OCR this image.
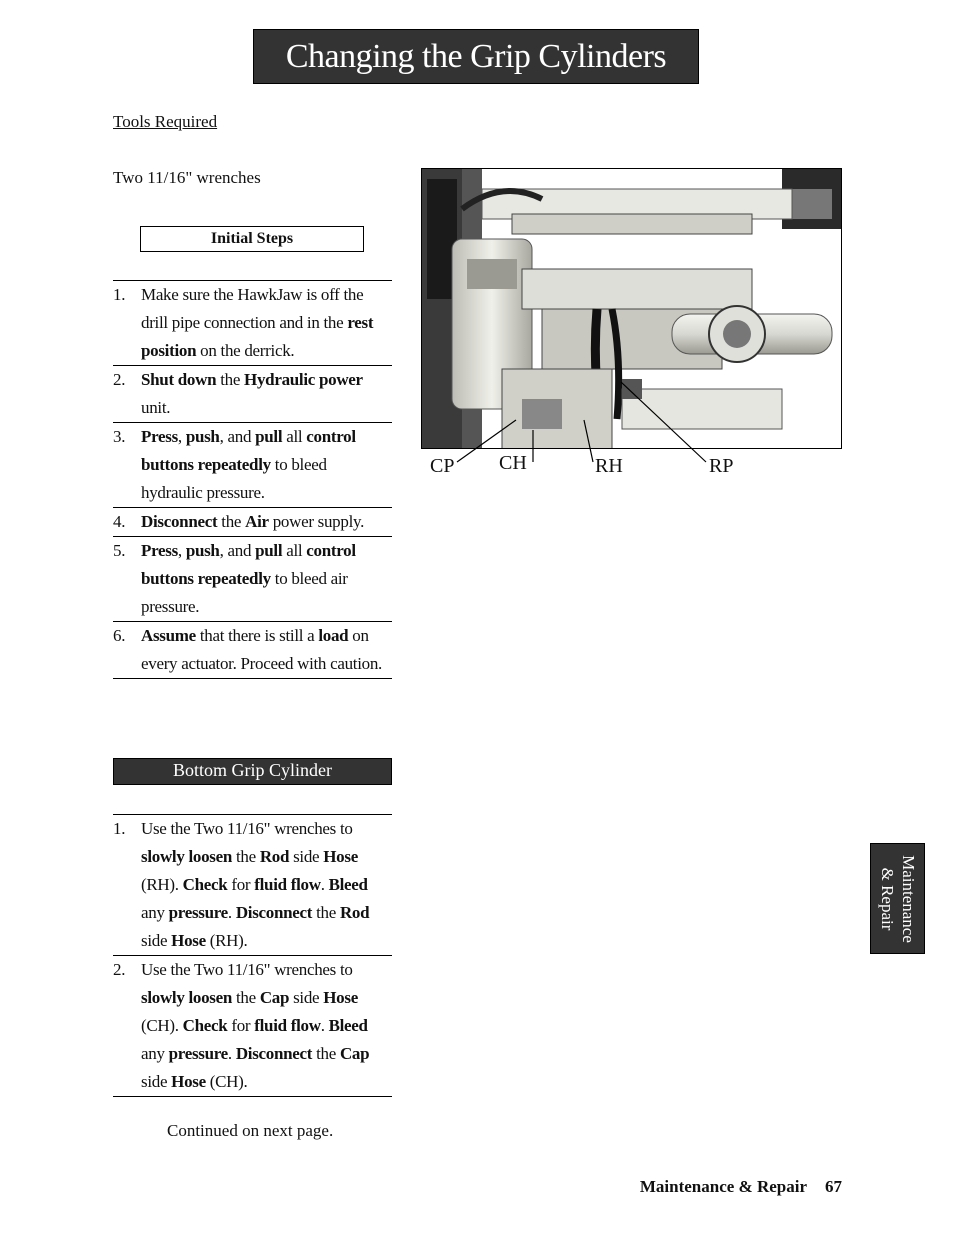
Changing the Grip Cylinders
Tools Required
Two 11/16" wrenches
Initial Steps
1. Make sure the HawkJaw is off the drill pipe connection and in the rest position on the derrick.
2. Shut down the Hydraulic power unit.
3. Press, push, and pull all control buttons repeatedly to bleed hydraulic pressure.
4. Disconnect the Air power supply.
5. Press, push, and pull all control buttons repeatedly to bleed air pressure.
6. Assume that there is still a load on every actuator. Proceed with caution.
Bottom Grip Cylinder
1. Use the Two 11/16" wrenches to slowly loosen the Rod side Hose (RH). Check for fluid flow. Bleed any pressure. Disconnect the Rod side Hose (RH).
2. Use the Two 11/16" wrenches to slowly loosen the Cap side Hose (CH). Check for fluid flow. Bleed any pressure. Disconnect the Cap side Hose (CH).
Continued on next page.
CP CH	RH	RP
Maintenance
& Repair
Maintenance & Repair 67
